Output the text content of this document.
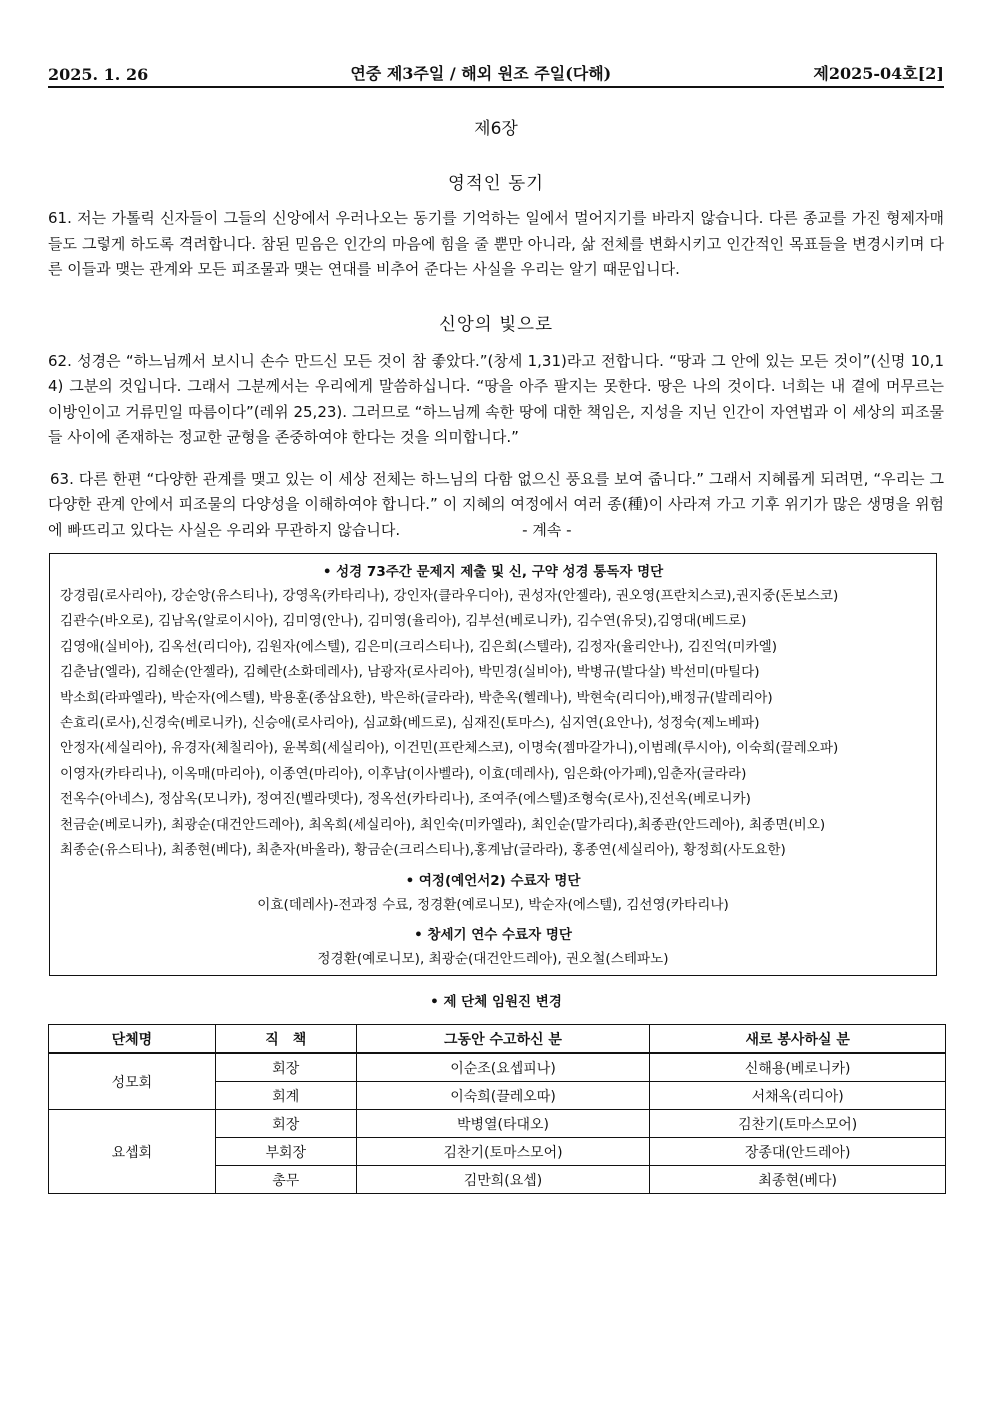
2025. 1. 26	연중 제3주일 / 해외 원조 주일(다해)	제2025-04호[2]
제6장
영적인 동기

61. 저는 가톨릭 신자들이 그들의 신앙에서 우러나오는 동기를 기억하는 일에서 멀어지기를 바라지 않습니다. 다른 종교를 가진 형제자매들도 그렇게 하도록 격려합니다. 참된 믿음은 인간의 마음에 힘을 줄 뿐만 아니라, 삶 전체를 변화시키고 인간적인 목표들을 변경시키며 다른 이들과 맺는 관계와 모든 피조물과 맺는 연대를 비추어 준다는 사실을 우리는 알기 때문입니다.

신앙의 빛으로

62. 성경은 “하느님께서 보시니 손수 만드신 모든 것이 참 좋았다.”(창세 1,31)라고 전합니다. “땅과 그 안에 있는 모든 것이”(신명 10,14) 그분의 것입니다. 그래서 그분께서는 우리에게 말씀하십니다. “땅을 아주 팔지는 못한다. 땅은 나의 것이다. 너희는 내 곁에 머무르는 이방인이고 거류민일 따름이다”(레위 25,23). 그러므로 “하느님께 속한 땅에 대한 책임은, 지성을 지닌 인간이 자연법과 이 세상의 피조물들 사이에 존재하는 정교한 균형을 존중하여야 한다는 것을 의미합니다.”

63. 다른 한편 “다양한 관계를 맺고 있는 이 세상 전체는 하느님의 다함 없으신 풍요를 보여 줍니다.” 그래서 지혜롭게 되려면, “우리는 그 다양한 관계 안에서 피조물의 다양성을 이해하여야 합니다.” 이 지혜의 여정에서 여러 종(種)이 사라져 가고 기후 위기가 많은 생명을 위험에 빠뜨리고 있다는 사실은 우리와 무관하지 않습니다.	- 계속 -

• 성경 73주간 문제지 제출 및 신, 구약 성경 통독자 명단
강경림(로사리아), 강순앙(유스티나), 강영옥(카타리나), 강인자(클라우디아), 권성자(안젤라), 권오영(프란치스코),권지중(돈보스코)
김관수(바오로), 김남옥(알로이시아), 김미영(안나), 김미영(율리아), 김부선(베로니카), 김수연(유딧),김영대(베드로)
김영애(실비아), 김옥선(리디아), 김원자(에스텔), 김은미(크리스티나), 김은희(스텔라), 김정자(율리안나), 김진억(미카엘)
김춘남(엘라), 김해순(안젤라), 김혜란(소화데레사), 남광자(로사리아), 박민경(실비아), 박병규(발다살) 박선미(마틸다)
박소희(라파엘라), 박순자(에스텔), 박용훈(종삼요한), 박은하(글라라), 박춘옥(헬레나), 박현숙(리디아),배정규(발레리아)
손효리(로사),신경숙(베로니카), 신승애(로사리아), 심교화(베드로), 심재진(토마스), 심지연(요안나), 성정숙(제노베파)
안정자(세실리아), 유경자(체칠리아), 윤복희(세실리아), 이건민(프란체스코), 이명숙(젬마갈가니),이범례(루시아), 이숙희(끌레오파)
이영자(카타리나), 이옥매(마리아), 이종연(마리아), 이후남(이사벨라), 이효(데레사), 임은화(아가페),임춘자(글라라)
전옥수(아네스), 정삼옥(모니카), 정여진(벨라뎃다), 정옥선(카타리나), 조여주(에스텔)조형숙(로사),진선옥(베로니카)
천금순(베로니카), 최광순(대건안드레아), 최옥희(세실리아), 최인숙(미카엘라), 최인순(말가리다),최종관(안드레아), 최종면(비오)
최종순(유스티나), 최종현(베다), 최춘자(바올라), 황금순(크리스티나),홍계남(글라라), 홍종연(세실리아), 황정희(사도요한)
• 여정(예언서2) 수료자 명단
이효(데레사)-전과정 수료, 정경환(예로니모), 박순자(에스텔), 김선영(카타리나)
• 창세기 연수 수료자 명단
정경환(예로니모), 최광순(대건안드레아), 권오철(스테파노)
• 제 단체 임원진 변경
단체명	직　책	그동안 수고하신 분	새로 봉사하실 분
성모회	회장	이순조(요셉피나)	신해용(베로니카)
	회계	이숙희(끌레오따)	서채옥(리디아)
요셉회	회장	박병열(타대오)	김찬기(토마스모어)
	부회장	김찬기(토마스모어)	장종대(안드레아)
	총무	김만희(요셉)	최종현(베다)
